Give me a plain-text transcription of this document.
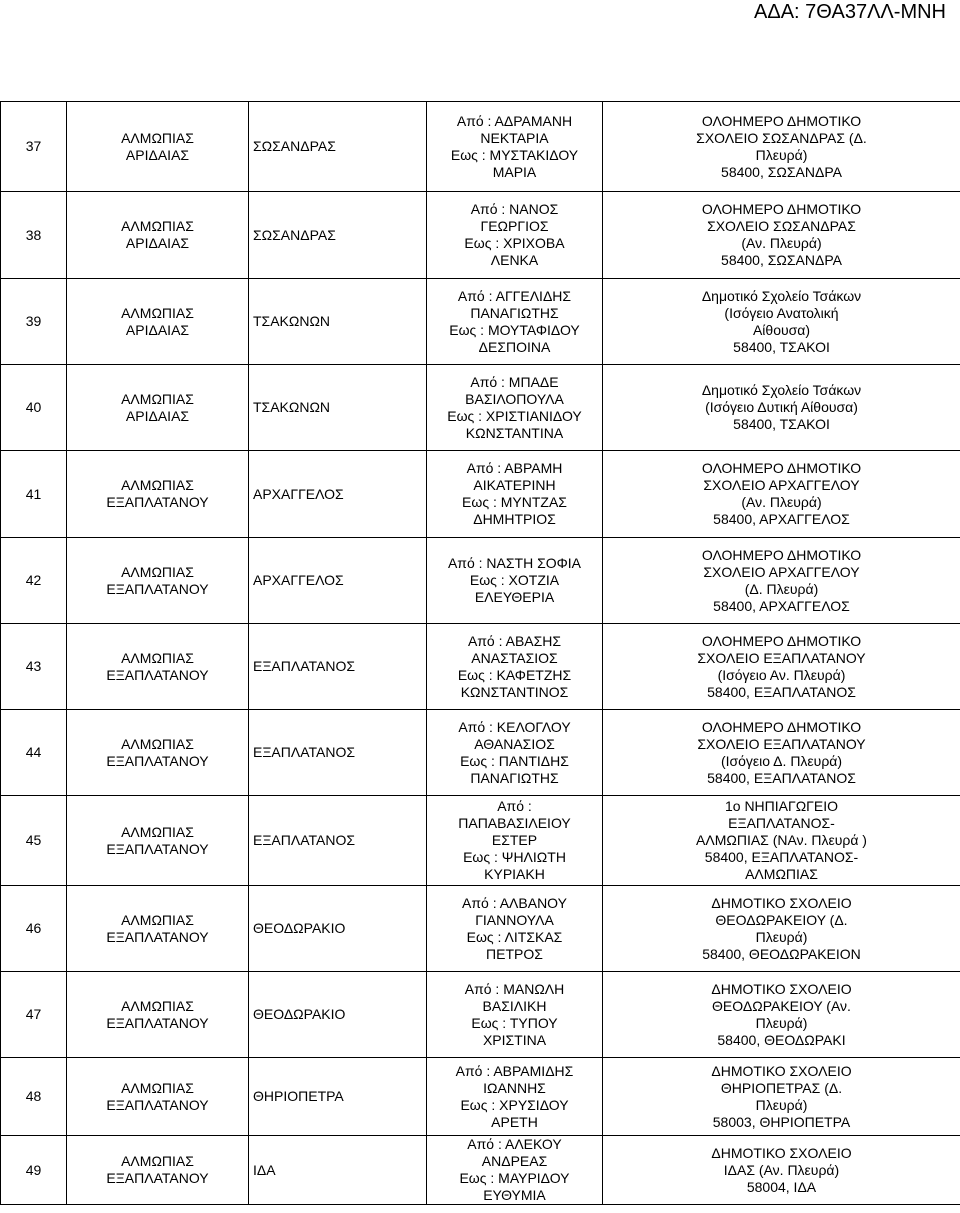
ΑΔΑ: 7ΘΑ37ΛΛ-ΜΝΗ
37	ΑΛΜΩΠΙΑΣ
ΑΡΙΔΑΙΑΣ	ΣΩΣΑΝΔΡΑΣ	Από : ΑΔΡΑΜΑΝΗ
ΝΕΚΤΑΡΙΑ
Εως : ΜΥΣΤΑΚΙΔΟΥ
ΜΑΡΙΑ	ΟΛΟΗΜΕΡΟ ΔΗΜΟΤΙΚΟ
ΣΧΟΛΕΙΟ ΣΩΣΑΝΔΡΑΣ (Δ.
Πλευρά)
58400, ΣΩΣΑΝΔΡΑ

38	ΑΛΜΩΠΙΑΣ
ΑΡΙΔΑΙΑΣ	ΣΩΣΑΝΔΡΑΣ	Από : ΝΑΝΟΣ
ΓΕΩΡΓΙΟΣ
Εως : ΧΡΙΧΟΒΑ
ΛΕΝΚΑ	ΟΛΟΗΜΕΡΟ ΔΗΜΟΤΙΚΟ
ΣΧΟΛΕΙΟ ΣΩΣΑΝΔΡΑΣ
(Αν. Πλευρά)
58400, ΣΩΣΑΝΔΡΑ

39	ΑΛΜΩΠΙΑΣ
ΑΡΙΔΑΙΑΣ	ΤΣΑΚΩΝΩΝ	Από : ΑΓΓΕΛΙΔΗΣ
ΠΑΝΑΓΙΩΤΗΣ
Εως : ΜΟΥΤΑΦΙΔΟΥ
ΔΕΣΠΟΙΝΑ	Δημοτικό Σχολείο Τσάκων
(Ισόγειο Ανατολική
Αίθουσα)
58400, ΤΣΑΚΟΙ

40	ΑΛΜΩΠΙΑΣ
ΑΡΙΔΑΙΑΣ	ΤΣΑΚΩΝΩΝ	Από : ΜΠΑΔΕ
ΒΑΣΙΛΟΠΟΥΛΑ
Εως : ΧΡΙΣΤΙΑΝΙΔΟΥ
ΚΩΝΣΤΑΝΤΙΝΑ	Δημοτικό Σχολείο Τσάκων
(Ισόγειο Δυτική Αίθουσα)
58400, ΤΣΑΚΟΙ

41	ΑΛΜΩΠΙΑΣ
ΕΞΑΠΛΑΤΑΝΟΥ	ΑΡΧΑΓΓΕΛΟΣ	Από : ΑΒΡΑΜΗ
ΑΙΚΑΤΕΡΙΝΗ
Εως : ΜΥΝΤΖΑΣ
ΔΗΜΗΤΡΙΟΣ	ΟΛΟΗΜΕΡΟ ΔΗΜΟΤΙΚΟ
ΣΧΟΛΕΙΟ ΑΡΧΑΓΓΕΛΟΥ
(Αν. Πλευρά)
58400, ΑΡΧΑΓΓΕΛΟΣ

42	ΑΛΜΩΠΙΑΣ
ΕΞΑΠΛΑΤΑΝΟΥ	ΑΡΧΑΓΓΕΛΟΣ	Από : ΝΑΣΤΗ ΣΟΦΙΑ
Εως : ΧΟΤΖΙΑ
ΕΛΕΥΘΕΡΙΑ	ΟΛΟΗΜΕΡΟ ΔΗΜΟΤΙΚΟ
ΣΧΟΛΕΙΟ ΑΡΧΑΓΓΕΛΟΥ
(Δ. Πλευρά)
58400, ΑΡΧΑΓΓΕΛΟΣ

43	ΑΛΜΩΠΙΑΣ
ΕΞΑΠΛΑΤΑΝΟΥ	ΕΞΑΠΛΑΤΑΝΟΣ	Από : ΑΒΑΣΗΣ
ΑΝΑΣΤΑΣΙΟΣ
Εως : ΚΑΦΕΤΖΗΣ
ΚΩΝΣΤΑΝΤΙΝΟΣ	ΟΛΟΗΜΕΡΟ ΔΗΜΟΤΙΚΟ
ΣΧΟΛΕΙΟ ΕΞΑΠΛΑΤΑΝΟΥ
(Ισόγειο Αν. Πλευρά)
58400, ΕΞΑΠΛΑΤΑΝΟΣ

44	ΑΛΜΩΠΙΑΣ
ΕΞΑΠΛΑΤΑΝΟΥ	ΕΞΑΠΛΑΤΑΝΟΣ	Από : ΚΕΛΟΓΛΟΥ
ΑΘΑΝΑΣΙΟΣ
Εως : ΠΑΝΤΙΔΗΣ
ΠΑΝΑΓΙΩΤΗΣ	ΟΛΟΗΜΕΡΟ ΔΗΜΟΤΙΚΟ
ΣΧΟΛΕΙΟ ΕΞΑΠΛΑΤΑΝΟΥ
(Ισόγειο Δ. Πλευρά)
58400, ΕΞΑΠΛΑΤΑΝΟΣ

45	ΑΛΜΩΠΙΑΣ
ΕΞΑΠΛΑΤΑΝΟΥ	ΕΞΑΠΛΑΤΑΝΟΣ	Από :
ΠΑΠΑΒΑΣΙΛΕΙΟΥ
ΕΣΤΕΡ
Εως : ΨΗΛΙΩΤΗ
ΚΥΡΙΑΚΗ	1ο ΝΗΠΙΑΓΩΓΕΙΟ
ΕΞΑΠΛΑΤΑΝΟΣ-
ΑΛΜΩΠΙΑΣ (ΝΑν. Πλευρά )
58400, ΕΞΑΠΛΑΤΑΝΟΣ-
ΑΛΜΩΠΙΑΣ

46	ΑΛΜΩΠΙΑΣ
ΕΞΑΠΛΑΤΑΝΟΥ	ΘΕΟΔΩΡΑΚΙΟ	Από : ΑΛΒΑΝΟΥ
ΓΙΑΝΝΟΥΛΑ
Εως : ΛΙΤΣΚΑΣ
ΠΕΤΡΟΣ	ΔΗΜΟΤΙΚΟ ΣΧΟΛΕΙΟ
ΘΕΟΔΩΡΑΚΕΙΟΥ (Δ.
Πλευρά)
58400, ΘΕΟΔΩΡΑΚΕΙΟΝ

47	ΑΛΜΩΠΙΑΣ
ΕΞΑΠΛΑΤΑΝΟΥ	ΘΕΟΔΩΡΑΚΙΟ	Από : ΜΑΝΩΛΗ
ΒΑΣΙΛΙΚΗ
Εως : ΤΥΠΟΥ
ΧΡΙΣΤΙΝΑ	ΔΗΜΟΤΙΚΟ ΣΧΟΛΕΙΟ
ΘΕΟΔΩΡΑΚΕΙΟΥ (Αν.
Πλευρά)
58400, ΘΕΟΔΩΡΑΚΙ

48	ΑΛΜΩΠΙΑΣ
ΕΞΑΠΛΑΤΑΝΟΥ	ΘΗΡΙΟΠΕΤΡΑ	Από : ΑΒΡΑΜΙΔΗΣ
ΙΩΑΝΝΗΣ
Εως : ΧΡΥΣΙΔΟΥ
ΑΡΕΤΗ	ΔΗΜΟΤΙΚΟ ΣΧΟΛΕΙΟ
ΘΗΡΙΟΠΕΤΡΑΣ (Δ.
Πλευρά)
58003, ΘΗΡΙΟΠΕΤΡΑ

49	ΑΛΜΩΠΙΑΣ
ΕΞΑΠΛΑΤΑΝΟΥ	ΙΔΑ	Από : ΑΛΕΚΟΥ
ΑΝΔΡΕΑΣ
Εως : ΜΑΥΡΙΔΟΥ
ΕΥΘΥΜΙΑ	ΔΗΜΟΤΙΚΟ ΣΧΟΛΕΙΟ
ΙΔΑΣ (Αν. Πλευρά)
58004, ΙΔΑ
